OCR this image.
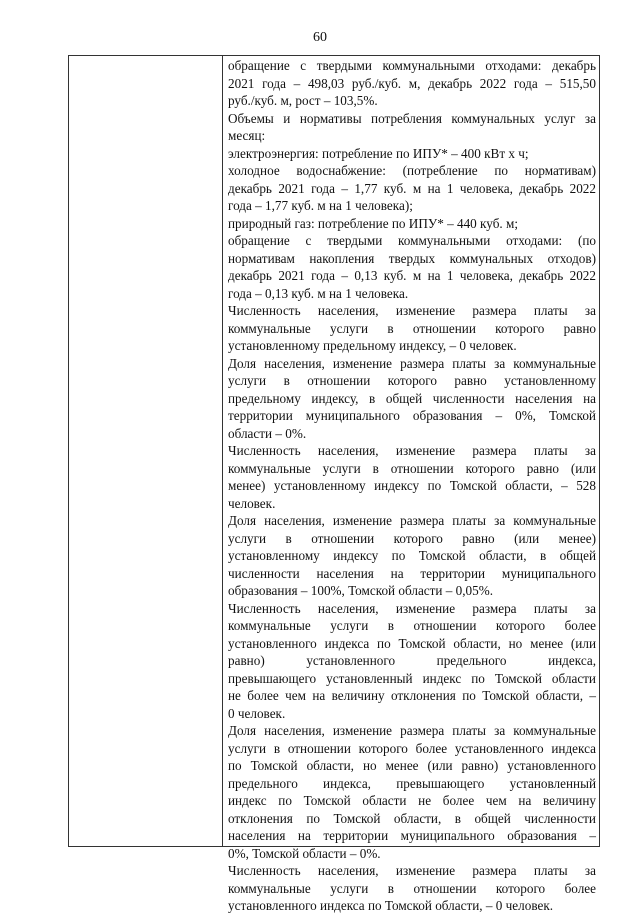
60
обращение с твердыми коммунальными отходами: декабрь
2021 года – 498,03 руб./куб. м, декабрь 2022 года – 515,50
руб./куб. м, рост – 103,5%.
Объемы и нормативы потребления коммунальных услуг за
месяц:
электроэнергия: потребление по ИПУ* – 400 кВт х ч;
холодное водоснабжение: (потребление по нормативам)
декабрь 2021 года – 1,77 куб. м на 1 человека, декабрь 2022
года – 1,77 куб. м на 1 человека);
природный газ: потребление по ИПУ* – 440 куб. м;
обращение с твердыми коммунальными отходами: (по
нормативам накопления твердых коммунальных отходов)
декабрь 2021 года – 0,13 куб. м на 1 человека, декабрь 2022
года – 0,13 куб. м на 1 человека.
Численность населения, изменение размера платы за
коммунальные услуги в отношении которого равно
установленному предельному индексу, – 0 человек.
Доля населения, изменение размера платы за коммунальные
услуги в отношении которого равно установленному
предельному индексу, в общей численности населения на
территории муниципального образования – 0%, Томской
области – 0%.
Численность населения, изменение размера платы за
коммунальные услуги в отношении которого равно (или
менее) установленному индексу по Томской области, – 528
человек.
Доля населения, изменение размера платы за коммунальные
услуги в отношении которого равно (или менее)
установленному индексу по Томской области, в общей
численности населения на территории муниципального
образования – 100%, Томской области – 0,05%.
Численность населения, изменение размера платы за
коммунальные услуги в отношении которого более
установленного индекса по Томской области, но менее (или
равно) установленного предельного индекса,
превышающего установленный индекс по Томской области
не более чем на величину отклонения по Томской области, –
0 человек.
Доля населения, изменение размера платы за коммунальные
услуги в отношении которого более установленного индекса
по Томской области, но менее (или равно) установленного
предельного индекса, превышающего установленный
индекс по Томской области не более чем на величину
отклонения по Томской области, в общей численности
населения на территории муниципального образования –
0%, Томской области – 0%.
Численность населения, изменение размера платы за
коммунальные услуги в отношении которого более
установленного индекса по Томской области, – 0 человек.
